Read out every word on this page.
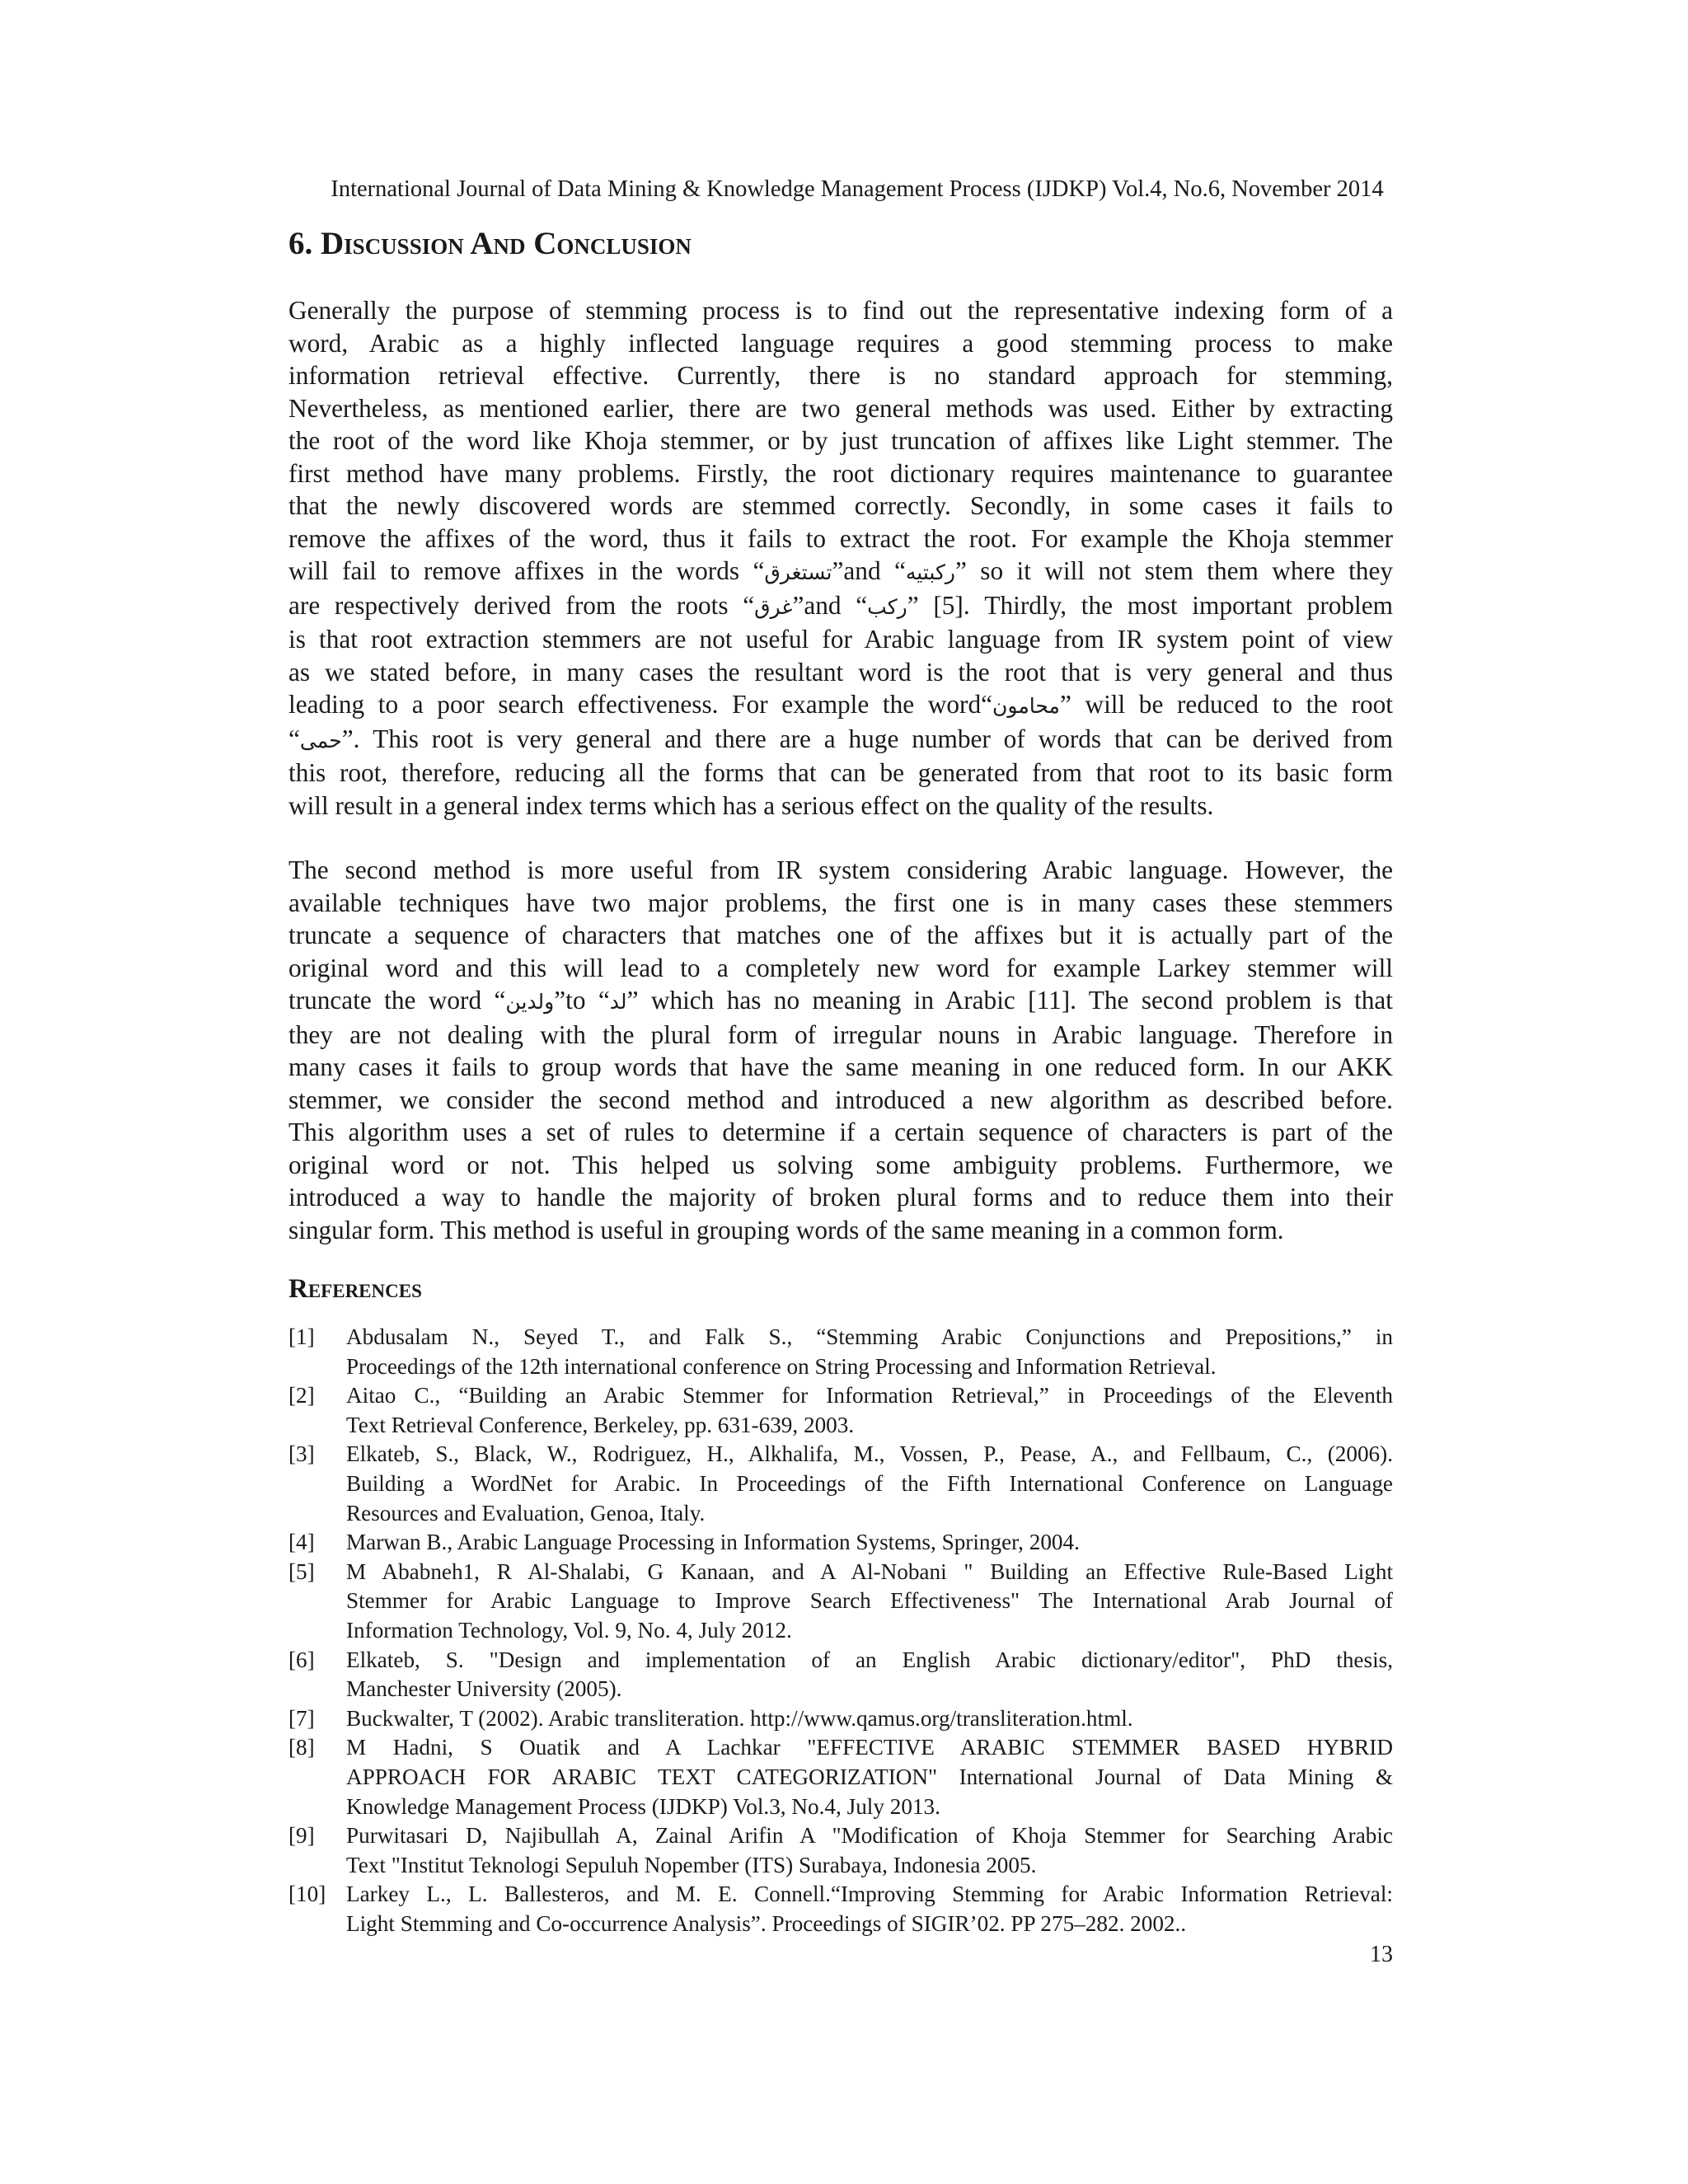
International Journal of Data Mining & Knowledge Management Process (IJDKP) Vol.4, No.6, November 2014
6. Discussion And Conclusion
Generally the purpose of stemming process is to find out the representative indexing form of a
word, Arabic as a highly inflected language requires a good stemming process to make
information retrieval effective. Currently, there is no standard approach for stemming,
Nevertheless, as mentioned earlier, there are two general methods was used. Either by extracting
the root of the word like Khoja stemmer, or by just truncation of affixes like Light stemmer. The
first method have many problems. Firstly, the root dictionary requires maintenance to guarantee
that the newly discovered words are stemmed correctly. Secondly, in some cases it fails to
remove the affixes of the word, thus it fails to extract the root. For example the Khoja stemmer
will fail to remove affixes in the words “تستغرق”and “ركبتيه” so it will not stem them where they
are respectively derived from the roots “غرق”and “ركب” [5]. Thirdly, the most important problem
is that root extraction stemmers are not useful for Arabic language from IR system point of view
as we stated before, in many cases the resultant word is the root that is very general and thus
leading to a poor search effectiveness. For example the word“محامون” will be reduced to the root
“حمى”. This root is very general and there are a huge number of words that can be derived from
this root, therefore, reducing all the forms that can be generated from that root to its basic form
will result in a general index terms which has a serious effect on the quality of the results.
The second method is more useful from IR system considering Arabic language. However, the
available techniques have two major problems, the first one is in many cases these stemmers
truncate a sequence of characters that matches one of the affixes but it is actually part of the
original word and this will lead to a completely new word for example Larkey stemmer will
truncate the word “ولدين”to “لد” which has no meaning in Arabic [11]. The second problem is that
they are not dealing with the plural form of irregular nouns in Arabic language. Therefore in
many cases it fails to group words that have the same meaning in one reduced form. In our AKK
stemmer, we consider the second method and introduced a new algorithm as described before.
This algorithm uses a set of rules to determine if a certain sequence of characters is part of the
original word or not. This helped us solving some ambiguity problems. Furthermore, we
introduced a way to handle the majority of broken plural forms and to reduce them into their
singular form. This method is useful in grouping words of the same meaning in a common form.
References
[1] Abdusalam N., Seyed T., and Falk S., “Stemming Arabic Conjunctions and Prepositions,” in
Proceedings of the 12th international conference on String Processing and Information Retrieval.
[2] Aitao C., “Building an Arabic Stemmer for Information Retrieval,” in Proceedings of the Eleventh
Text Retrieval Conference, Berkeley, pp. 631-639, 2003.
[3] Elkateb, S., Black, W., Rodriguez, H., Alkhalifa, M., Vossen, P., Pease, A., and Fellbaum, C., (2006).
Building a WordNet for Arabic. In Proceedings of the Fifth International Conference on Language
Resources and Evaluation, Genoa, Italy.
[4] Marwan B., Arabic Language Processing in Information Systems, Springer, 2004.
[5] M Ababneh1, R Al-Shalabi, G Kanaan, and A Al-Nobani " Building an Effective Rule-Based Light
Stemmer for Arabic Language to Improve Search Effectiveness" The International Arab Journal of
Information Technology, Vol. 9, No. 4, July 2012.
[6] Elkateb, S. "Design and implementation of an English Arabic dictionary/editor", PhD thesis,
Manchester University (2005).
[7] Buckwalter, T (2002). Arabic transliteration. http://www.qamus.org/transliteration.html.
[8] M Hadni, S Ouatik and A Lachkar "EFFECTIVE ARABIC STEMMER BASED HYBRID
APPROACH FOR ARABIC TEXT CATEGORIZATION" International Journal of Data Mining &
Knowledge Management Process (IJDKP) Vol.3, No.4, July 2013.
[9] Purwitasari D, Najibullah A, Zainal Arifin A "Modification of Khoja Stemmer for Searching Arabic
Text "Institut Teknologi Sepuluh Nopember (ITS) Surabaya, Indonesia 2005.
[10] Larkey L., L. Ballesteros, and M. E. Connell.“Improving Stemming for Arabic Information Retrieval:
Light Stemming and Co-occurrence Analysis”. Proceedings of SIGIR’02. PP 275–282. 2002..
13
